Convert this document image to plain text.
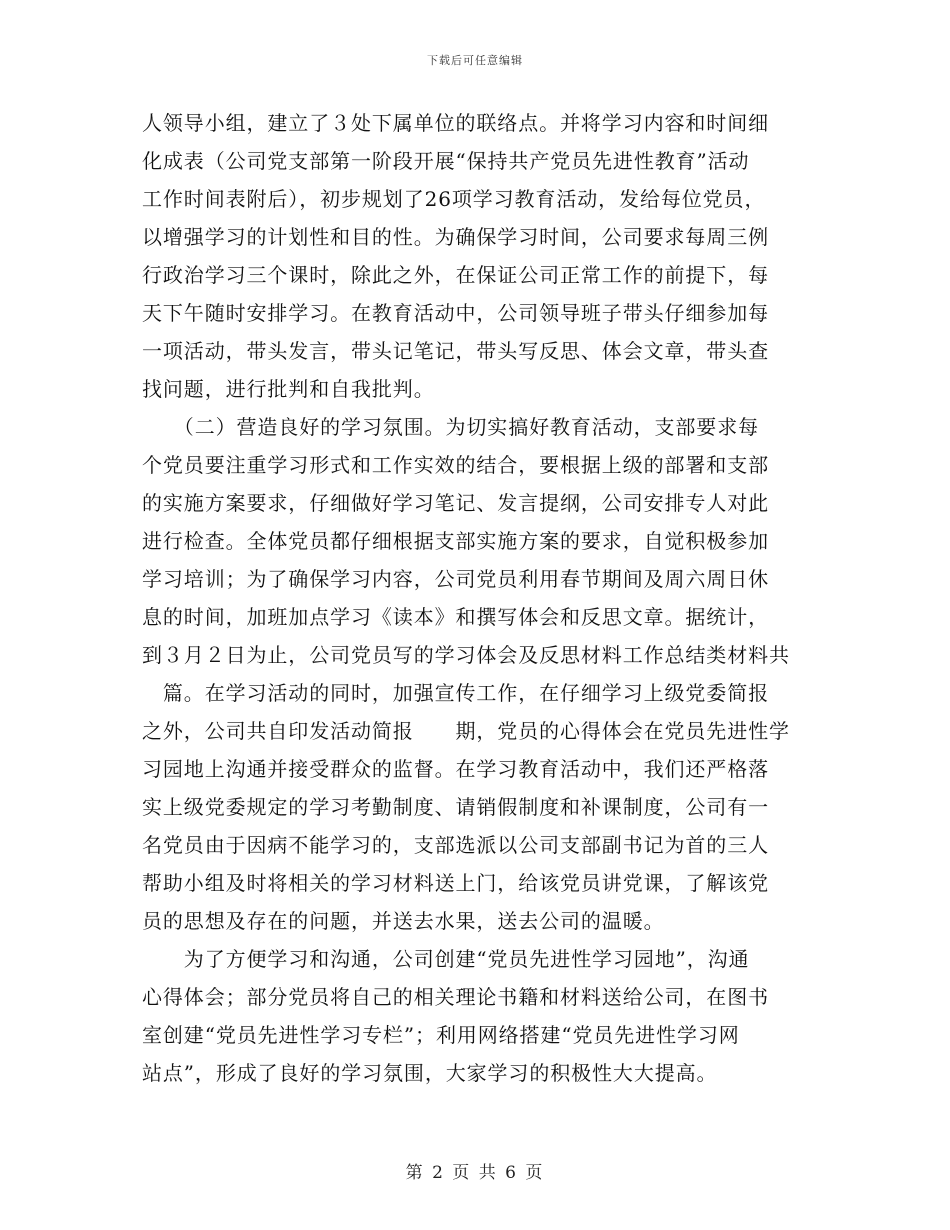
下载后可任意编辑
人领导小组，建立了３处下属单位的联络点。并将学习内容和时间细
化成表（公司党支部第一阶段开展“保持共产党员先进性教育”活动
工作时间表附后），初步规划了26项学习教育活动，发给每位党员，
以增强学习的计划性和目的性。为确保学习时间，公司要求每周三例
行政治学习三个课时，除此之外，在保证公司正常工作的前提下，每
天下午随时安排学习。在教育活动中，公司领导班子带头仔细参加每
一项活动，带头发言，带头记笔记，带头写反思、体会文章，带头查
找问题，进行批判和自我批判。
　　（二）营造良好的学习氛围。为切实搞好教育活动，支部要求每
个党员要注重学习形式和工作实效的结合，要根据上级的部署和支部
的实施方案要求，仔细做好学习笔记、发言提纲，公司安排专人对此
进行检查。全体党员都仔细根据支部实施方案的要求，自觉积极参加
学习培训；为了确保学习内容，公司党员利用春节期间及周六周日休
息的时间，加班加点学习《读本》和撰写体会和反思文章。据统计，
到３月２日为止，公司党员写的学习体会及反思材料工作总结类材料共
　篇。在学习活动的同时，加强宣传工作，在仔细学习上级党委简报
之外，公司共自印发活动简报　　期，党员的心得体会在党员先进性学
习园地上沟通并接受群众的监督。在学习教育活动中，我们还严格落
实上级党委规定的学习考勤制度、请销假制度和补课制度，公司有一
名党员由于因病不能学习的，支部选派以公司支部副书记为首的三人
帮助小组及时将相关的学习材料送上门，给该党员讲党课，了解该党
员的思想及存在的问题，并送去水果，送去公司的温暖。
　　为了方便学习和沟通，公司创建“党员先进性学习园地”，沟通
心得体会；部分党员将自己的相关理论书籍和材料送给公司，在图书
室创建“党员先进性学习专栏”；利用网络搭建“党员先进性学习网
站点”，形成了良好的学习氛围，大家学习的积极性大大提高。
第 2 页 共 6 页
